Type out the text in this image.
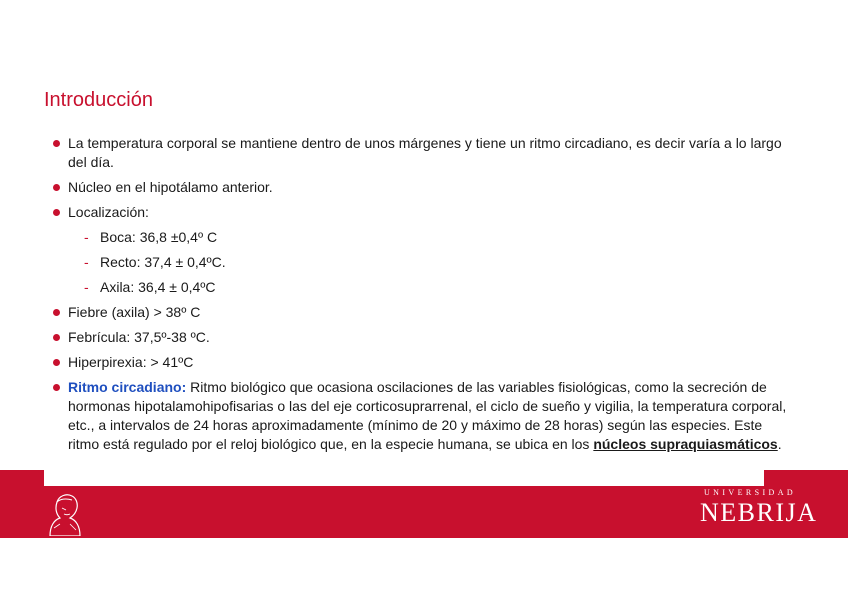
Introducción
La temperatura corporal se mantiene dentro de unos márgenes y tiene un ritmo circadiano, es decir varía a lo largo del día.
Núcleo en el hipotálamo anterior.
Localización:
- Boca: 36,8 ±0,4º C
- Recto: 37,4 ± 0,4ºC.
- Axila: 36,4 ± 0,4ºC
Fiebre (axila) > 38º C
Febrícula: 37,5º-38 ºC.
Hiperpirexia: > 41ºC
Ritmo circadiano: Ritmo biológico que ocasiona oscilaciones de las variables fisiológicas, como la secreción de hormonas hipotalamohipofisarias o las del eje corticosuprarrenal, el ciclo de sueño y vigilia, la temperatura corporal, etc., a intervalos de 24 horas aproximadamente (mínimo de 20 y máximo de 28 horas) según las especies. Este ritmo está regulado por el reloj biológico que, en la especie humana, se ubica en los núcleos supraquiasmáticos.
UNIVERSIDAD
NEBRIJA
